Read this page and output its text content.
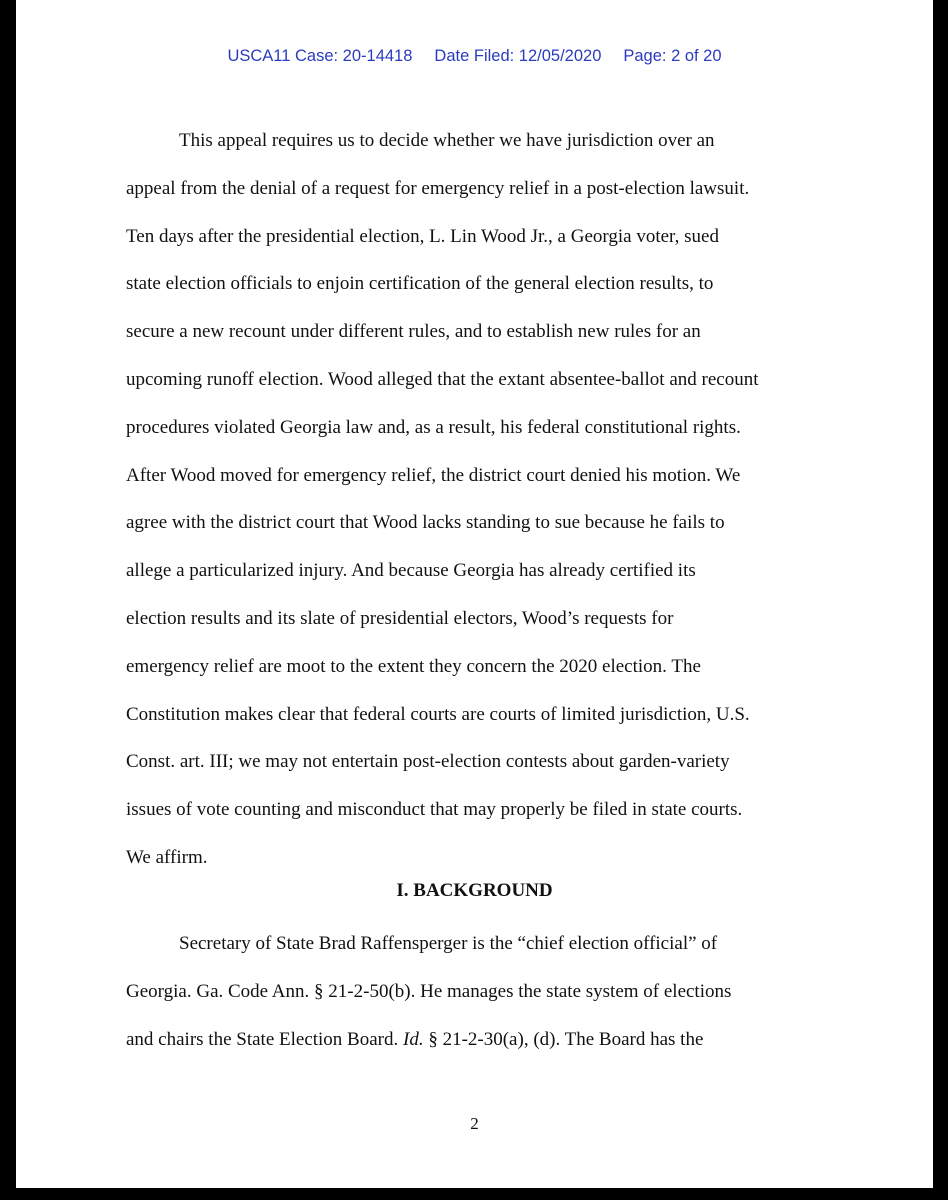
USCA11 Case: 20-14418 Date Filed: 12/05/2020 Page: 2 of 20

This appeal requires us to decide whether we have jurisdiction over an
appeal from the denial of a request for emergency relief in a post-election lawsuit.
Ten days after the presidential election, L. Lin Wood Jr., a Georgia voter, sued
state election officials to enjoin certification of the general election results, to
secure a new recount under different rules, and to establish new rules for an
upcoming runoff election. Wood alleged that the extant absentee-ballot and recount
procedures violated Georgia law and, as a result, his federal constitutional rights.
After Wood moved for emergency relief, the district court denied his motion. We
agree with the district court that Wood lacks standing to sue because he fails to
allege a particularized injury. And because Georgia has already certified its
election results and its slate of presidential electors, Wood’s requests for
emergency relief are moot to the extent they concern the 2020 election. The
Constitution makes clear that federal courts are courts of limited jurisdiction, U.S.
Const. art. III; we may not entertain post-election contests about garden-variety
issues of vote counting and misconduct that may properly be filed in state courts.
We affirm.

I. BACKGROUND

Secretary of State Brad Raffensperger is the “chief election official” of
Georgia. Ga. Code Ann. § 21-2-50(b). He manages the state system of elections
and chairs the State Election Board. Id. § 21-2-30(a), (d). The Board has the

2
